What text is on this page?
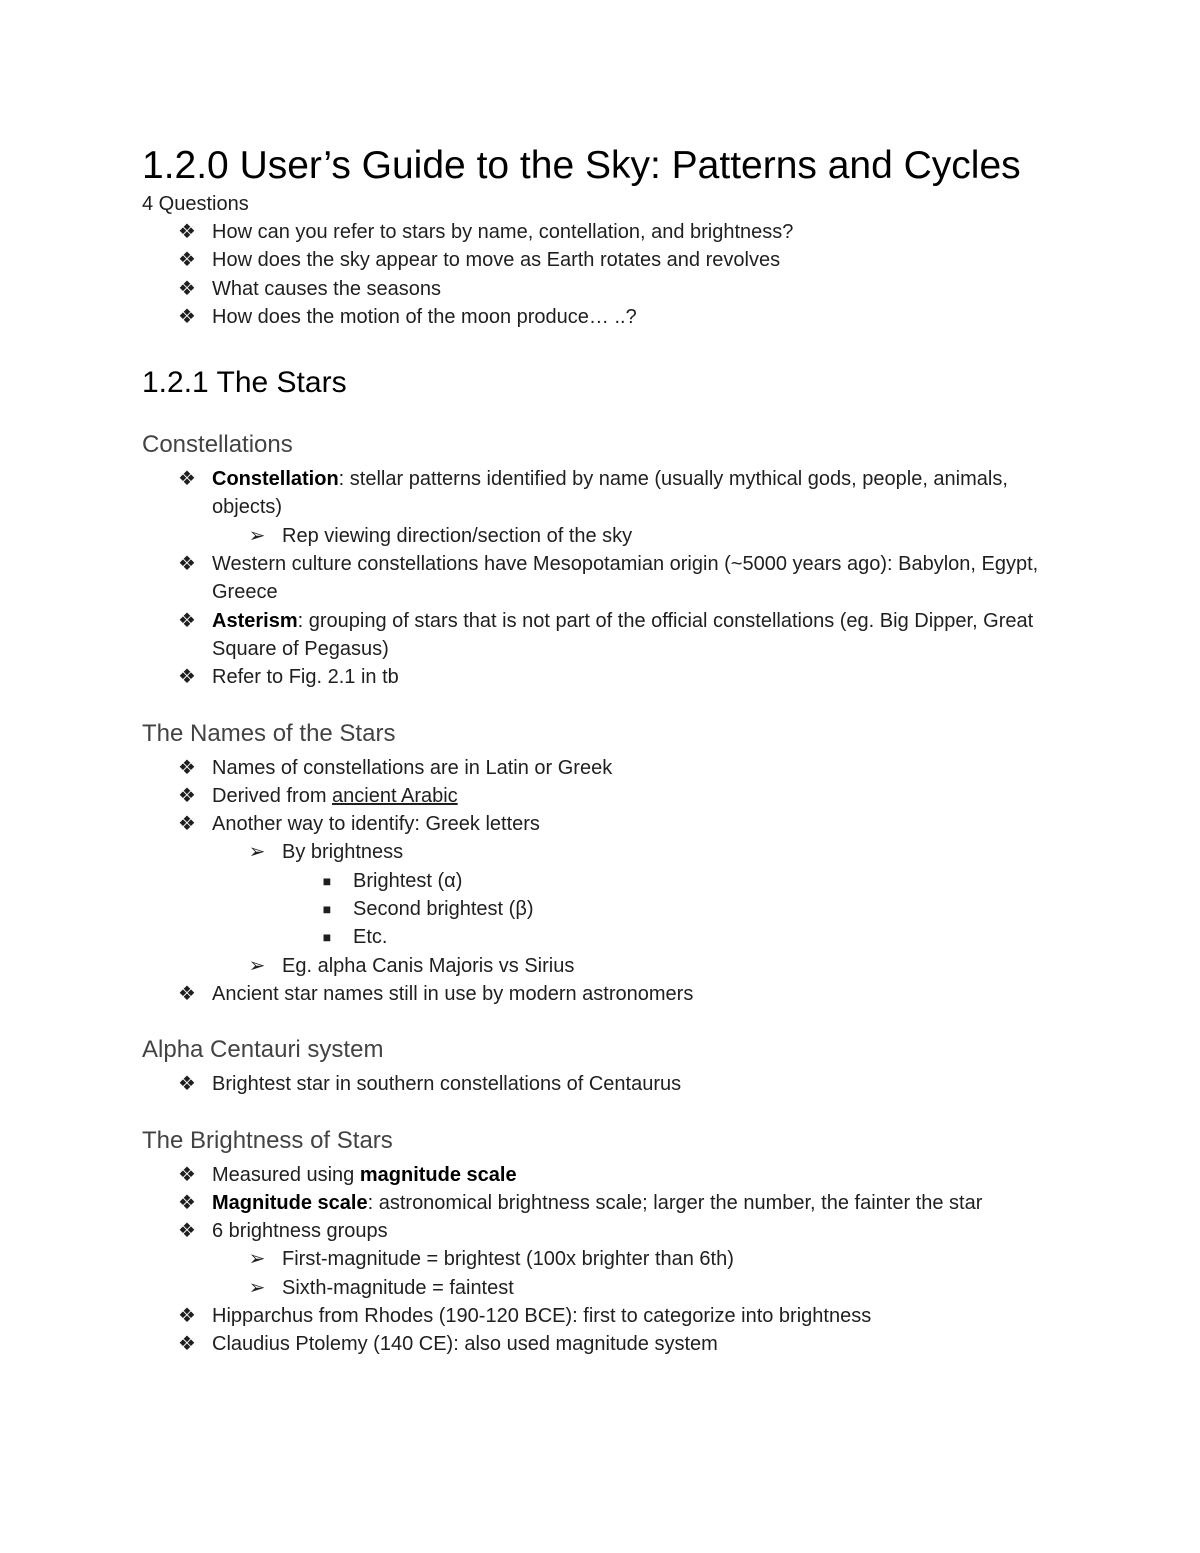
1.2.0 User’s Guide to the Sky: Patterns and Cycles

4 Questions

❖ How can you refer to stars by name, contellation, and brightness?
❖ How does the sky appear to move as Earth rotates and revolves
❖ What causes the seasons
❖ How does the motion of the moon produce… ..?
1.2.1 The Stars
Constellations
❖ Constellation: stellar patterns identified by name (usually mythical gods, people, animals, objects)
➢ Rep viewing direction/section of the sky
❖ Western culture constellations have Mesopotamian origin (~5000 years ago): Babylon, Egypt, Greece
❖ Asterism: grouping of stars that is not part of the official constellations (eg. Big Dipper, Great Square of Pegasus)
❖ Refer to Fig. 2.1 in tb
The Names of the Stars
❖ Names of constellations are in Latin or Greek
❖ Derived from ancient Arabic
❖ Another way to identify: Greek letters
➢ By brightness
■	Brightest (α)
■	Second brightest (β)
■	Etc.
➢ Eg. alpha Canis Majoris vs Sirius
❖ Ancient star names still in use by modern astronomers
Alpha Centauri system
❖ Brightest star in southern constellations of Centaurus
The Brightness of Stars
❖ Measured using magnitude scale
❖ Magnitude scale: astronomical brightness scale; larger the number, the fainter the star
❖ 6 brightness groups
➢ First-magnitude = brightest (100x brighter than 6th)
➢ Sixth-magnitude = faintest
❖ Hipparchus from Rhodes (190-120 BCE): first to categorize into brightness
❖ Claudius Ptolemy (140 CE): also used magnitude system
